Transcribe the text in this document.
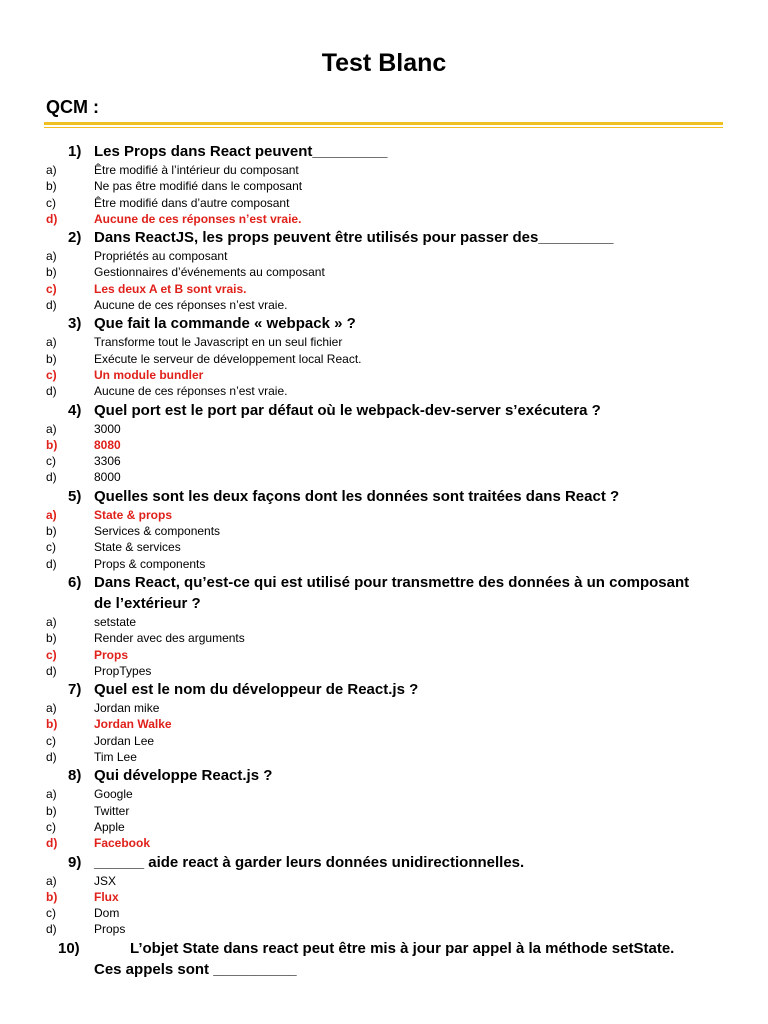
Test Blanc
QCM :
1) Les Props dans React peuvent_________
a)	Être modifié à l’intérieur du composant
b)	Ne pas être modifié dans le composant
c)	Être modifié dans d’autre composant
d)	Aucune de ces réponses n’est vraie.
2) Dans ReactJS, les props peuvent être utilisés pour passer des_________
a)	Propriétés au composant
b)	Gestionnaires d’événements au composant
c)	Les deux A et B sont vrais.
d)	Aucune de ces réponses n’est vraie.
3) Que fait la commande « webpack » ?
a)	Transforme tout le Javascript en un seul fichier
b)	Exécute le serveur de développement local React.
c)	Un module bundler
d)	Aucune de ces réponses n’est vraie.
4) Quel port est le port par défaut où le webpack-dev-server s’exécutera ?
a)	3000
b)	8080
c)	3306
d)	8000
5) Quelles sont les deux façons dont les données sont traitées dans React ?
a)	State & props
b)	Services & components
c)	State & services
d)	Props & components
6) Dans React, qu’est-ce qui est utilisé pour transmettre des données à un composant
de l’extérieur ?
a)	setstate
b)	Render avec des arguments
c)	Props
d)	PropTypes
7) Quel est le nom du développeur de React.js ?
a)	Jordan mike
b)	Jordan Walke
c)	Jordan Lee
d)	Tim Lee
8) Qui développe React.js ?
a)	Google
b)	Twitter
c)	Apple
d)	Facebook
9) ______ aide react à garder leurs données unidirectionnelles.
a)	JSX
b)	Flux
c)	Dom
d)	Props
10)	L’objet State dans react peut être mis à jour par appel à la méthode setState.
Ces appels sont __________
